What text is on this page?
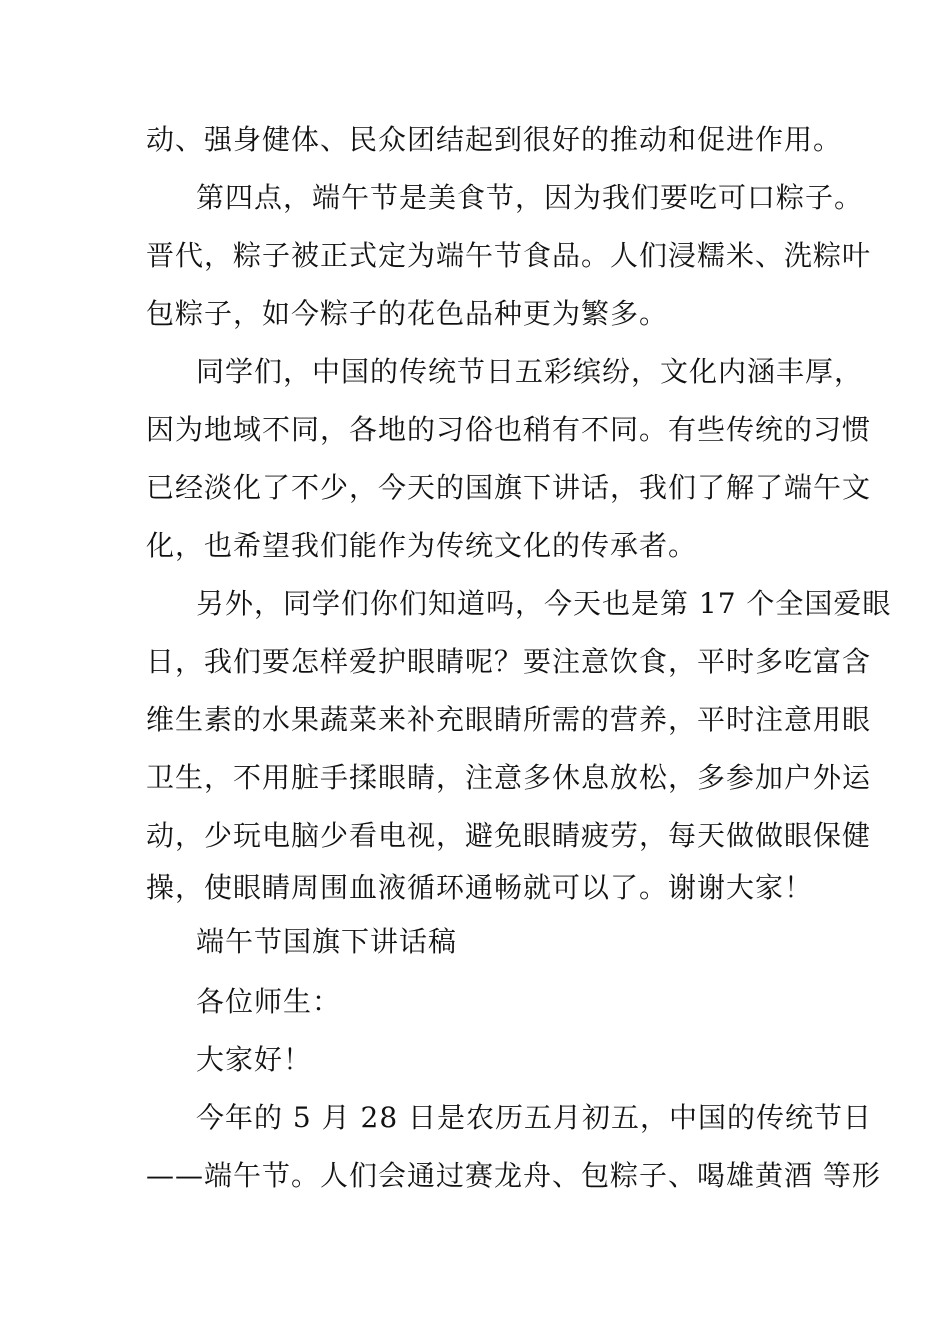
动、强身健体、民众团结起到很好的推动和促进作用。
第四点，端午节是美食节，因为我们要吃可口粽子。
晋代，粽子被正式定为端午节食品。人们浸糯米、洗粽叶
包粽子，如今粽子的花色品种更为繁多。
同学们，中国的传统节日五彩缤纷，文化内涵丰厚，
因为地域不同，各地的习俗也稍有不同。有些传统的习惯
已经淡化了不少，今天的国旗下讲话，我们了解了端午文
化，也希望我们能作为传统文化的传承者。
另外，同学们你们知道吗，今天也是第 17 个全国爱眼
日，我们要怎样爱护眼睛呢？要注意饮食，平时多吃富含
维生素的水果蔬菜来补充眼睛所需的营养，平时注意用眼
卫生，不用脏手揉眼睛，注意多休息放松，多参加户外运
动，少玩电脑少看电视，避免眼睛疲劳，每天做做眼保健
操，使眼睛周围血液循环通畅就可以了。谢谢大家！
端午节国旗下讲话稿
各位师生：
大家好！
今年的 5 月 28 日是农历五月初五，中国的传统节日
——端午节。人们会通过赛龙舟、包粽子、喝雄黄酒 等形
